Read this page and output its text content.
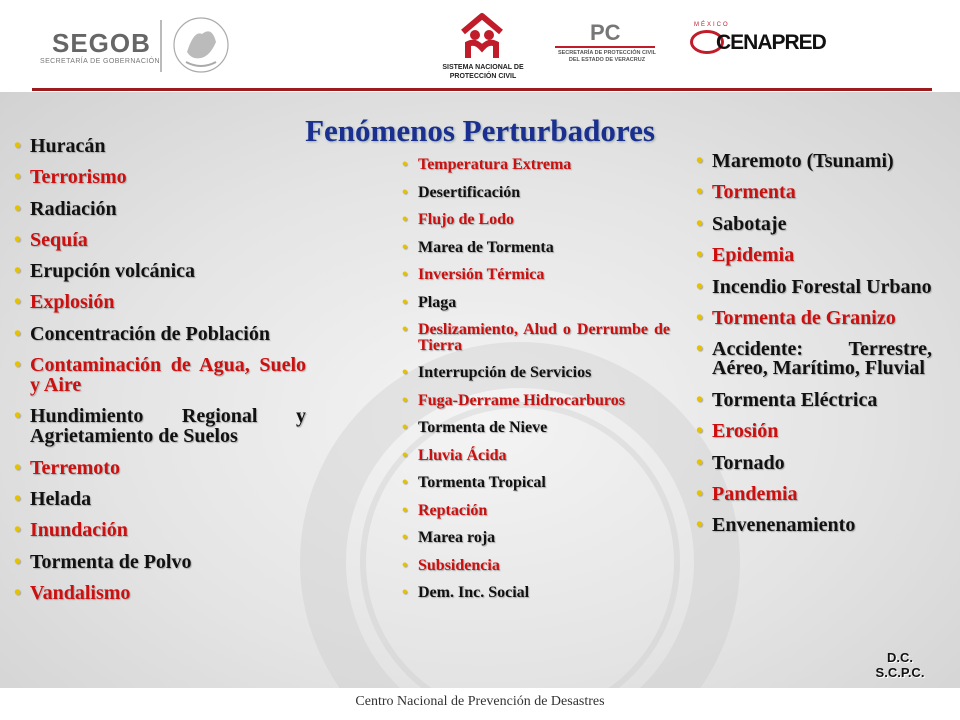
SEGOB
SECRETARÍA DE GOBERNACIÓN
SISTEMA NACIONAL DE
PROTECCIÓN CIVIL
PC
SECRETARÍA DE PROTECCIÓN CIVIL
DEL ESTADO DE VERACRUZ
MÉXICO
CENAPRED
Fenómenos Perturbadores
• Huracán
• Terrorismo
• Radiación
• Sequía
• Erupción volcánica
• Explosión
• Concentración de Población
• Contaminación de Agua, Suelo y Aire
• Hundimiento Regional y Agrietamiento de Suelos
• Terremoto
• Helada
• Inundación
• Tormenta de Polvo
• Vandalismo
• Temperatura Extrema
• Desertificación
• Flujo de Lodo
• Marea de Tormenta
• Inversión Térmica
• Plaga
• Deslizamiento, Alud o Derrumbe de Tierra
• Interrupción de Servicios
• Fuga-Derrame Hidrocarburos
• Tormenta de Nieve
• Lluvia Ácida
• Tormenta Tropical
• Reptación
• Marea roja
• Subsidencia
• Dem. Inc. Social
• Maremoto (Tsunami)
• Tormenta
• Sabotaje
• Epidemia
• Incendio Forestal Urbano
• Tormenta de Granizo
• Accidente: Terrestre, Aéreo, Marítimo, Fluvial
• Tormenta Eléctrica
• Erosión
• Tornado
• Pandemia
• Envenenamiento
D.C.
S.C.P.C.
Centro Nacional de Prevención de Desastres
